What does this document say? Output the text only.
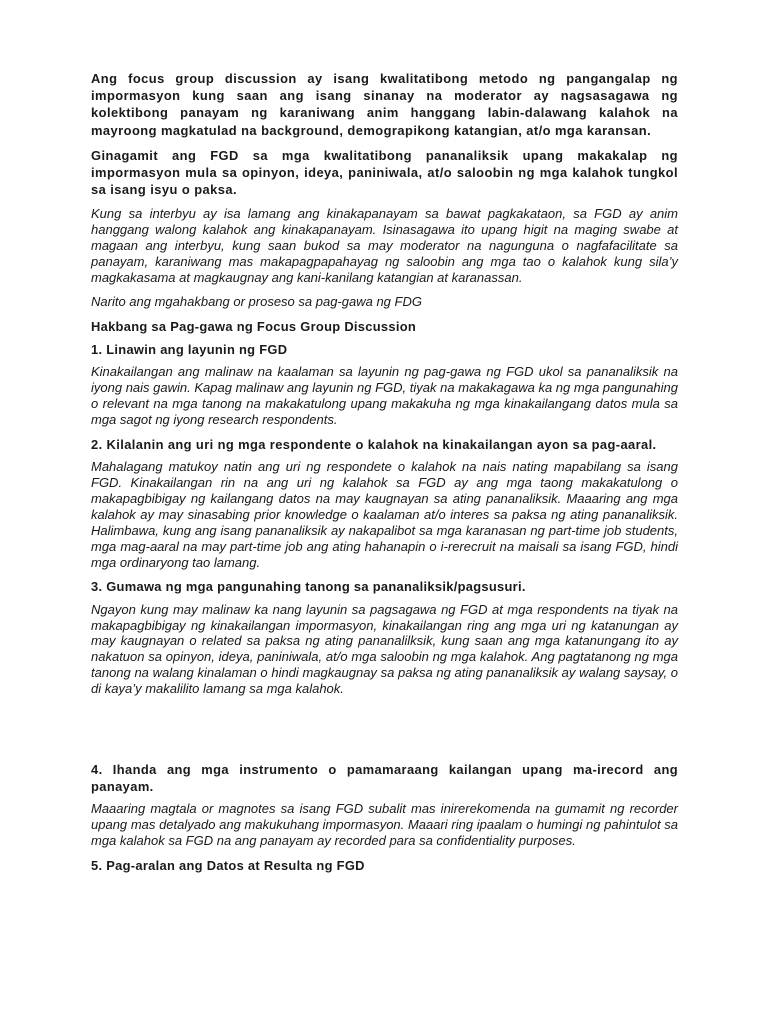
Ang focus group discussion ay isang kwalitatibong metodo ng pangangalap ng impormasyon kung saan ang isang sinanay na moderator ay nagsasagawa ng kolektibong panayam ng karaniwang anim hanggang labin-dalawang kalahok na mayroong magkatulad na background, demograpikong katangian, at/o mga karansan.

Ginagamit ang FGD sa mga kwalitatibong pananaliksik upang makakalap ng impormasyon mula sa opinyon, ideya, paniniwala, at/o saloobin ng mga kalahok tungkol sa isang isyu o paksa.

Kung sa interbyu ay isa lamang ang kinakapanayam sa bawat pagkakataon, sa FGD ay anim hanggang walong kalahok ang kinakapanayam. Isinasagawa ito upang higit na maging swabe at magaan ang interbyu, kung saan bukod sa may moderator na nagunguna o nagfafacilitate sa panayam, karaniwang mas makapagpapahayag ng saloobin ang mga tao o kalahok kung sila’y magkakasama at magkaugnay ang kani-kanilang katangian at karanassan.

Narito ang mgahakbang or proseso sa pag-gawa ng FDG

Hakbang sa Pag-gawa ng Focus Group Discussion

1. Linawin ang layunin ng FGD

Kinakailangan ang malinaw na kaalaman sa layunin ng pag-gawa ng FGD ukol sa pananaliksik na iyong nais gawin. Kapag malinaw ang layunin ng FGD, tiyak na makakagawa ka ng mga pangunahing o relevant na mga tanong na makakatulong upang makakuha ng mga kinakailangang datos mula sa mga sagot ng iyong research respondents.

2. Kilalanin ang uri ng mga respondente o kalahok na kinakailangan ayon sa pag-aaral.

Mahalagang matukoy natin ang uri ng respondete o kalahok na nais nating mapabilang sa isang FGD. Kinakailangan rin na ang uri ng kalahok sa FGD ay ang mga taong makakatulong o makapagbibigay ng kailangang datos na may kaugnayan sa ating pananaliksik. Maaaring ang mga kalahok ay may sinasabing prior knowledge o kaalaman at/o interes sa paksa ng ating pananaliksik. Halimbawa, kung ang isang pananaliksik ay nakapalibot sa mga karanasan ng part-time job students, mga mag-aaral na may part-time job ang ating hahanapin o i-rerecruit na maisali sa isang FGD, hindi mga ordinaryong tao lamang.

3. Gumawa ng mga pangunahing tanong sa pananaliksik/pagsusuri.

Ngayon kung may malinaw ka nang layunin sa pagsagawa ng FGD at mga respondents na tiyak na makapagbibigay ng kinakailangan impormasyon, kinakailangan ring ang mga uri ng katanungan ay may kaugnayan o related sa paksa ng ating pananalilksik, kung saan ang mga katanungang ito ay nakatuon sa opinyon, ideya, paniniwala, at/o mga saloobin ng mga kalahok. Ang pagtatanong ng mga tanong na walang kinalaman o hindi magkaugnay sa paksa ng ating pananaliksik ay walang saysay, o di kaya’y makalilito lamang sa mga kalahok.

4. Ihanda ang mga instrumento o pamamaraang kailangan upang ma-irecord ang panayam.

Maaaring magtala or magnotes sa isang FGD subalit mas inirerekomenda na gumamit ng recorder upang mas detalyado ang makukuhang impormasyon. Maaari ring ipaalam o humingi ng pahintulot sa mga kalahok sa FGD na ang panayam ay recorded para sa confidentiality purposes.

5. Pag-aralan ang Datos at Resulta ng FGD
